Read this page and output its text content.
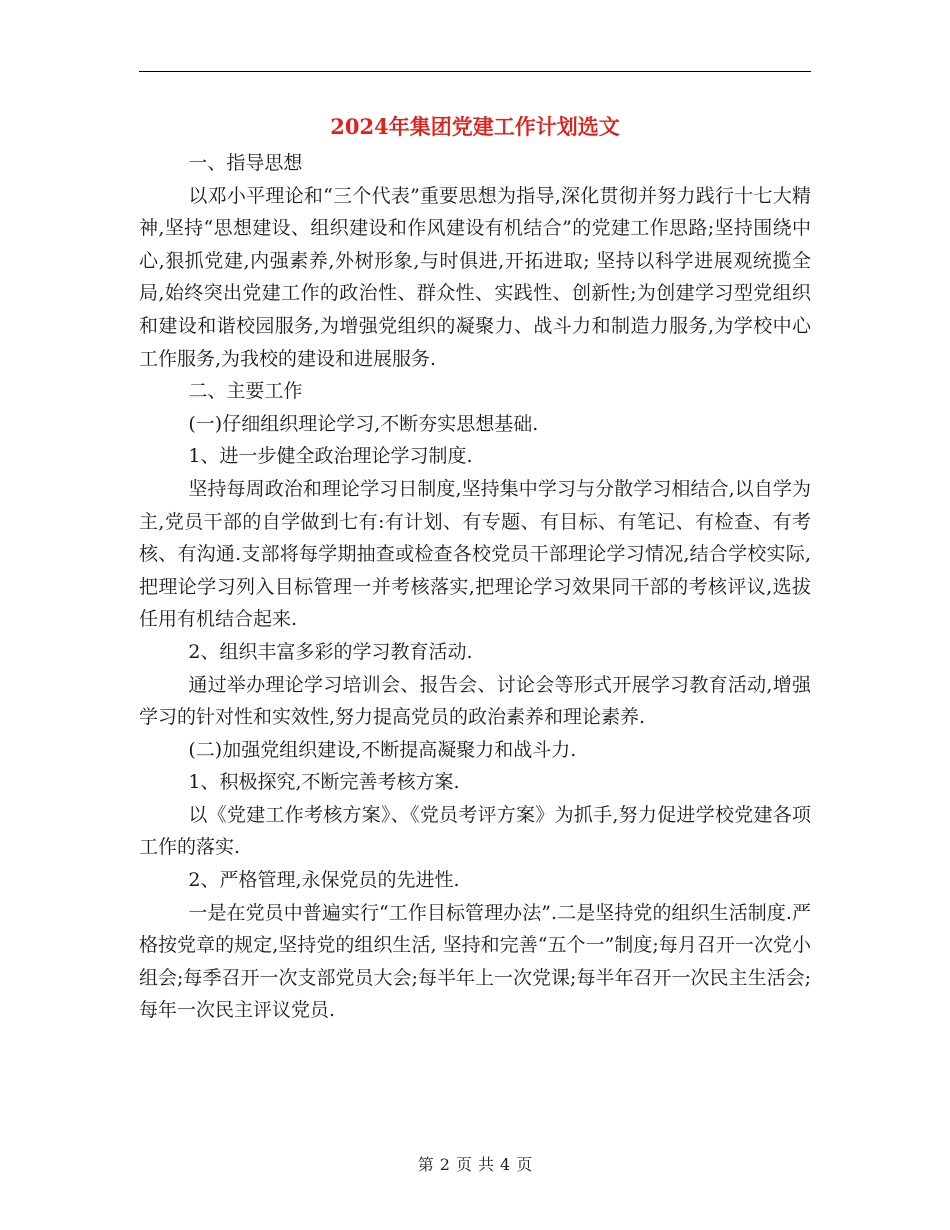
2024年集团党建工作计划选文

一、指导思想

以邓小平理论和“三个代表”重要思想为指导,深化贯彻并努力践行十七大精神,坚持“思想建设、组织建设和作风建设有机结合”的党建工作思路;坚持围绕中心,狠抓党建,内强素养,外树形象,与时俱进,开拓进取; 坚持以科学进展观统揽全局,始终突出党建工作的政治性、群众性、实践性、创新性;为创建学习型党组织和建设和谐校园服务,为增强党组织的凝聚力、战斗力和制造力服务,为学校中心工作服务,为我校的建设和进展服务.

二、主要工作

(一)仔细组织理论学习,不断夯实思想基础.

1、进一步健全政治理论学习制度.

坚持每周政治和理论学习日制度,坚持集中学习与分散学习相结合,以自学为主,党员干部的自学做到七有:有计划、有专题、有目标、有笔记、有检查、有考核、有沟通.支部将每学期抽查或检查各校党员干部理论学习情况,结合学校实际,把理论学习列入目标管理一并考核落实,把理论学习效果同干部的考核评议,选拔任用有机结合起来.

2、组织丰富多彩的学习教育活动.

通过举办理论学习培训会、报告会、讨论会等形式开展学习教育活动,增强学习的针对性和实效性,努力提高党员的政治素养和理论素养.

(二)加强党组织建设,不断提高凝聚力和战斗力.

1、积极探究,不断完善考核方案.

以《党建工作考核方案》、《党员考评方案》为抓手,努力促进学校党建各项工作的落实.

2、严格管理,永保党员的先进性.

一是在党员中普遍实行“工作目标管理办法”.二是坚持党的组织生活制度.严格按党章的规定,坚持党的组织生活, 坚持和完善“五个一”制度;每月召开一次党小组会;每季召开一次支部党员大会;每半年上一次党课;每半年召开一次民主生活会;每年一次民主评议党员.

第 2 页 共 4 页
